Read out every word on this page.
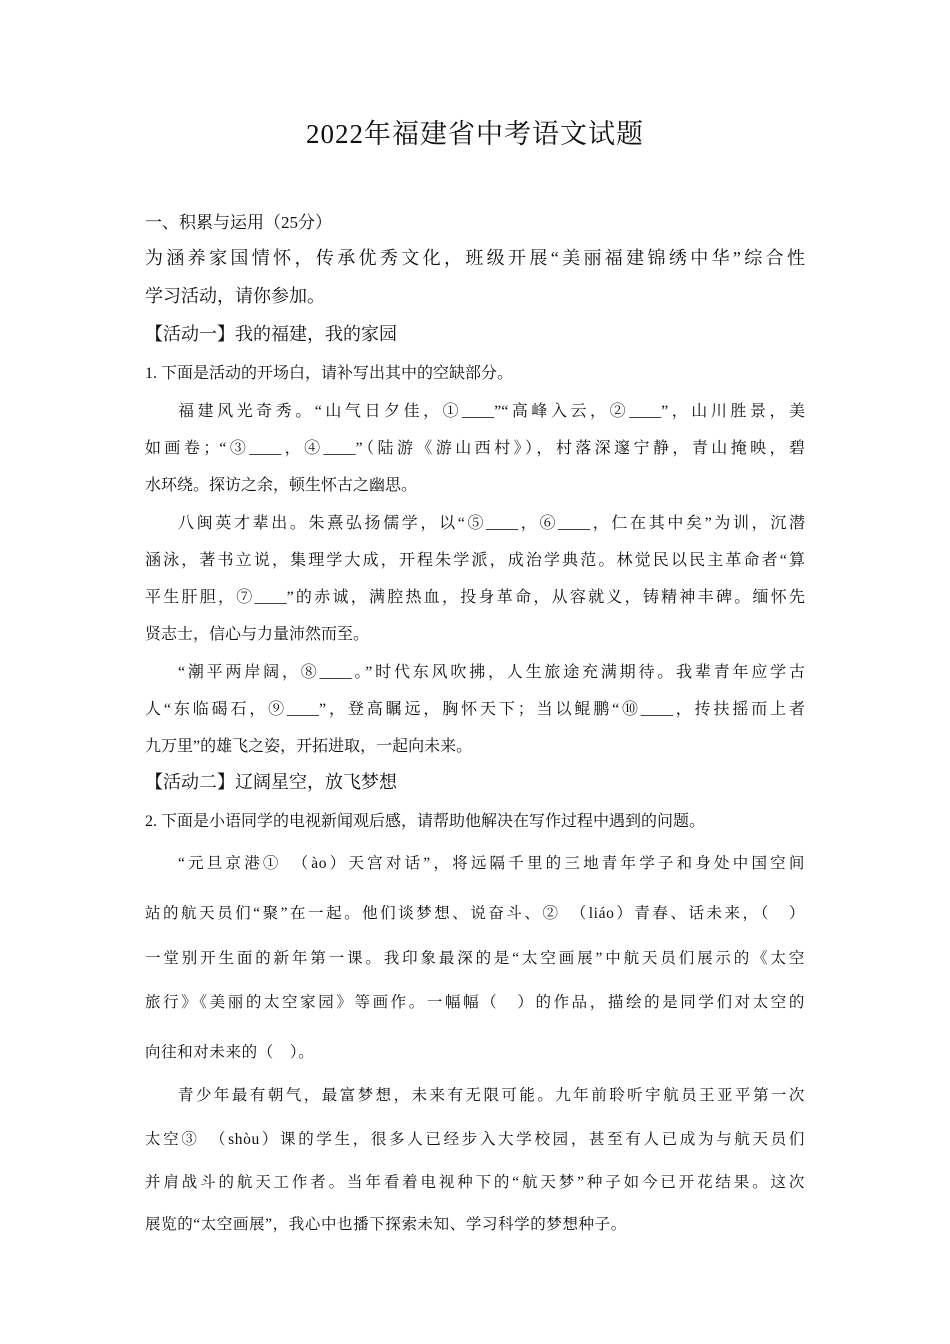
2022年福建省中考语文试题
一、积累与运用（25分）
为涵养家国情怀，传承优秀文化，班级开展“美丽福建锦绣中华”综合性
学习活动，请你参加。
【活动一】我的福建，我的家园
1. 下面是活动的开场白，请补写出其中的空缺部分。
福建风光奇秀。“山气日夕佳，①____”“高峰入云，②____”，山川胜景，美
如画卷；“③____，④____”（陆游《游山西村》），村落深邃宁静，青山掩映，碧
水环绕。探访之余，顿生怀古之幽思。
八闽英才辈出。朱熹弘扬儒学，以“⑤____，⑥____，仁在其中矣”为训，沉潜
涵泳，著书立说，集理学大成，开程朱学派，成治学典范。林觉民以民主革命者“算
平生肝胆，⑦____”的赤诚，满腔热血，投身革命，从容就义，铸精神丰碑。缅怀先
贤志士，信心与力量沛然而至。
“潮平两岸阔，⑧____。”时代东风吹拂，人生旅途充满期待。我辈青年应学古
人“东临碣石，⑨____”，登高瞩远，胸怀天下；当以鲲鹏“⑩____，抟扶摇而上者
九万里”的雄飞之姿，开拓进取，一起向未来。
【活动二】辽阔星空，放飞梦想
2. 下面是小语同学的电视新闻观后感，请帮助他解决在写作过程中遇到的问题。
“元旦京港①　（ào）天宫对话”，将远隔千里的三地青年学子和身处中国空间
站的航天员们“聚”在一起。他们谈梦想、说奋斗、②　（liáo）青春、话未来，（　）
一堂别开生面的新年第一课。我印象最深的是“太空画展”中航天员们展示的《太空
旅行》《美丽的太空家园》等画作。一幅幅（　）的作品，描绘的是同学们对太空的
向往和对未来的（　）。
青少年最有朝气，最富梦想，未来有无限可能。九年前聆听宇航员王亚平第一次
太空③　（shòu）课的学生，很多人已经步入大学校园，甚至有人已成为与航天员们
并肩战斗的航天工作者。当年看着电视种下的“航天梦”种子如今已开花结果。这次
展览的“太空画展”，我心中也播下探索未知、学习科学的梦想种子。
